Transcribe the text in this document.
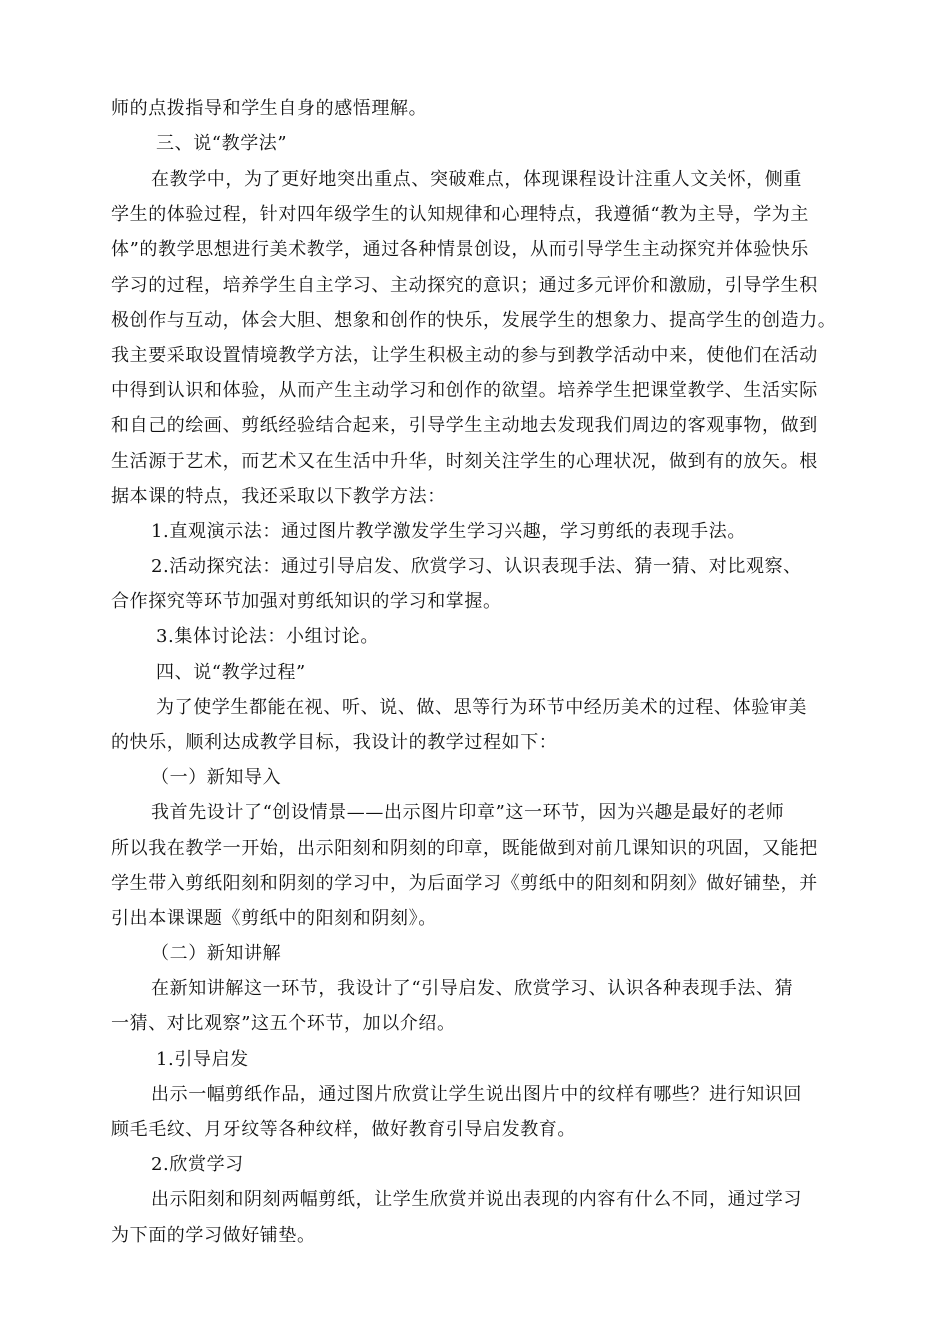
师的点拨指导和学生自身的感悟理解。
三、说“教学法”
在教学中，为了更好地突出重点、突破难点，体现课程设计注重人文关怀，侧重
学生的体验过程，针对四年级学生的认知规律和心理特点，我遵循“教为主导，学为主
体”的教学思想进行美术教学，通过各种情景创设，从而引导学生主动探究并体验快乐
学习的过程，培养学生自主学习、主动探究的意识；通过多元评价和激励，引导学生积
极创作与互动，体会大胆、想象和创作的快乐，发展学生的想象力、提高学生的创造力。
我主要采取设置情境教学方法，让学生积极主动的参与到教学活动中来，使他们在活动
中得到认识和体验，从而产生主动学习和创作的欲望。培养学生把课堂教学、生活实际
和自己的绘画、剪纸经验结合起来，引导学生主动地去发现我们周边的客观事物，做到
生活源于艺术，而艺术又在生活中升华，时刻关注学生的心理状况，做到有的放矢。根
据本课的特点，我还采取以下教学方法：
1.直观演示法：通过图片教学激发学生学习兴趣，学习剪纸的表现手法。
2.活动探究法：通过引导启发、欣赏学习、认识表现手法、猜一猜、对比观察、
合作探究等环节加强对剪纸知识的学习和掌握。
3.集体讨论法：小组讨论。
四、说“教学过程”
为了使学生都能在视、听、说、做、思等行为环节中经历美术的过程、体验审美
的快乐，顺利达成教学目标，我设计的教学过程如下：
（一）新知导入
我首先设计了“创设情景——出示图片印章”这一环节，因为兴趣是最好的老师
所以我在教学一开始，出示阳刻和阴刻的印章，既能做到对前几课知识的巩固，又能把
学生带入剪纸阳刻和阴刻的学习中，为后面学习《剪纸中的阳刻和阴刻》做好铺垫，并
引出本课课题《剪纸中的阳刻和阴刻》。
（二）新知讲解
在新知讲解这一环节，我设计了“引导启发、欣赏学习、认识各种表现手法、猜
一猜、对比观察”这五个环节，加以介绍。
1.引导启发
出示一幅剪纸作品，通过图片欣赏让学生说出图片中的纹样有哪些？进行知识回
顾毛毛纹、月牙纹等各种纹样，做好教育引导启发教育。
2.欣赏学习
出示阳刻和阴刻两幅剪纸，让学生欣赏并说出表现的内容有什么不同，通过学习
为下面的学习做好铺垫。
